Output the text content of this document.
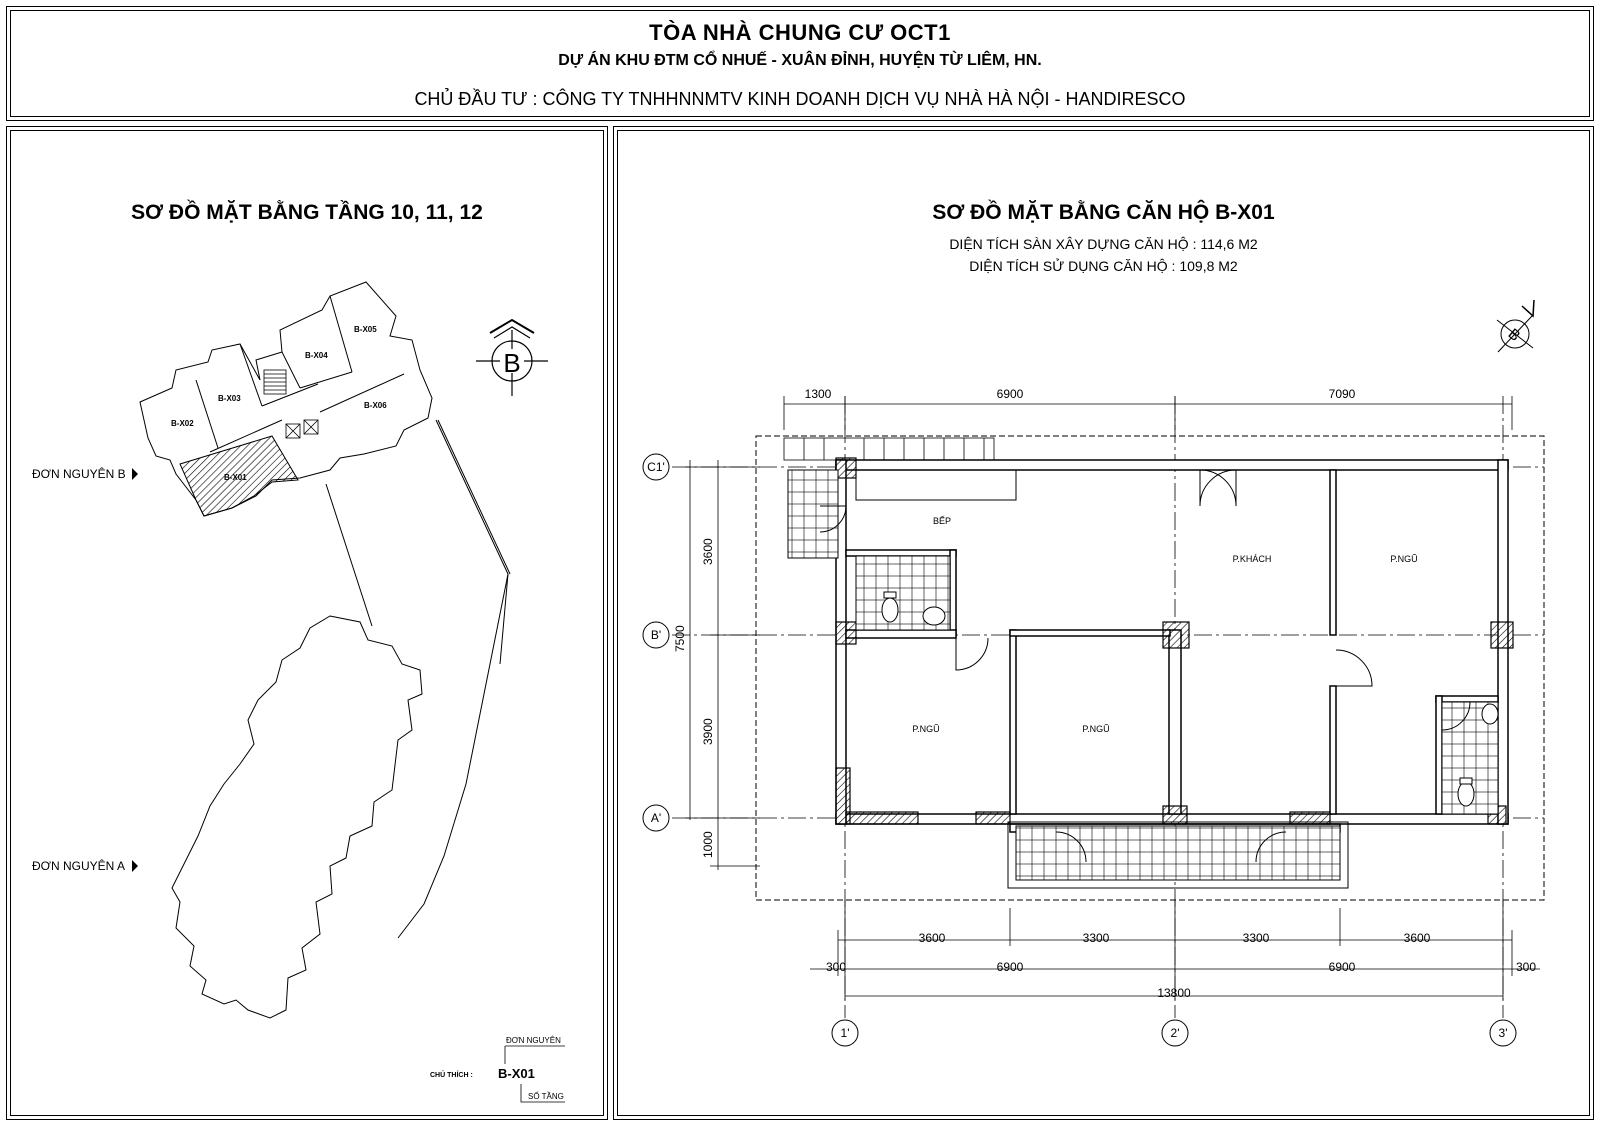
TÒA NHÀ CHUNG CƯ OCT1
DỰ ÁN KHU ĐTM CỔ NHUẾ - XUÂN ĐỈNH, HUYỆN TỪ LIÊM, HN.
CHỦ ĐẦU TƯ : CÔNG TY TNHHNNMTV KINH DOANH DỊCH VỤ NHÀ HÀ NỘI - HANDIRESCO
SƠ ĐỒ MẶT BẰNG TẦNG 10, 11, 12	SƠ ĐỒ MẶT BẰNG CĂN HỘ B-X01
DIỆN TÍCH SÀN XÂY DỰNG CĂN HỘ : 114,6 M2
DIỆN TÍCH SỬ DỤNG CĂN HỘ : 109,8 M2
B-X01
B-X02
B-X03
B-X04
B-X05
B-X06
ĐƠN NGUYÊN B
ĐƠN NGUYÊN A
B
CHÚ THÍCH : B-X01
ĐƠN NGUYÊN
SỐ TẦNG
C1'
B'
A'
1'	2'	3'
1300	6900	7090
3600
3900
1000
7500
3600	3300	3300	3600
300	6900	6900	300
13800
BẾP
P.KHÁCH	P.NGŨ
P.NGŨ	P.NGŨ
B
